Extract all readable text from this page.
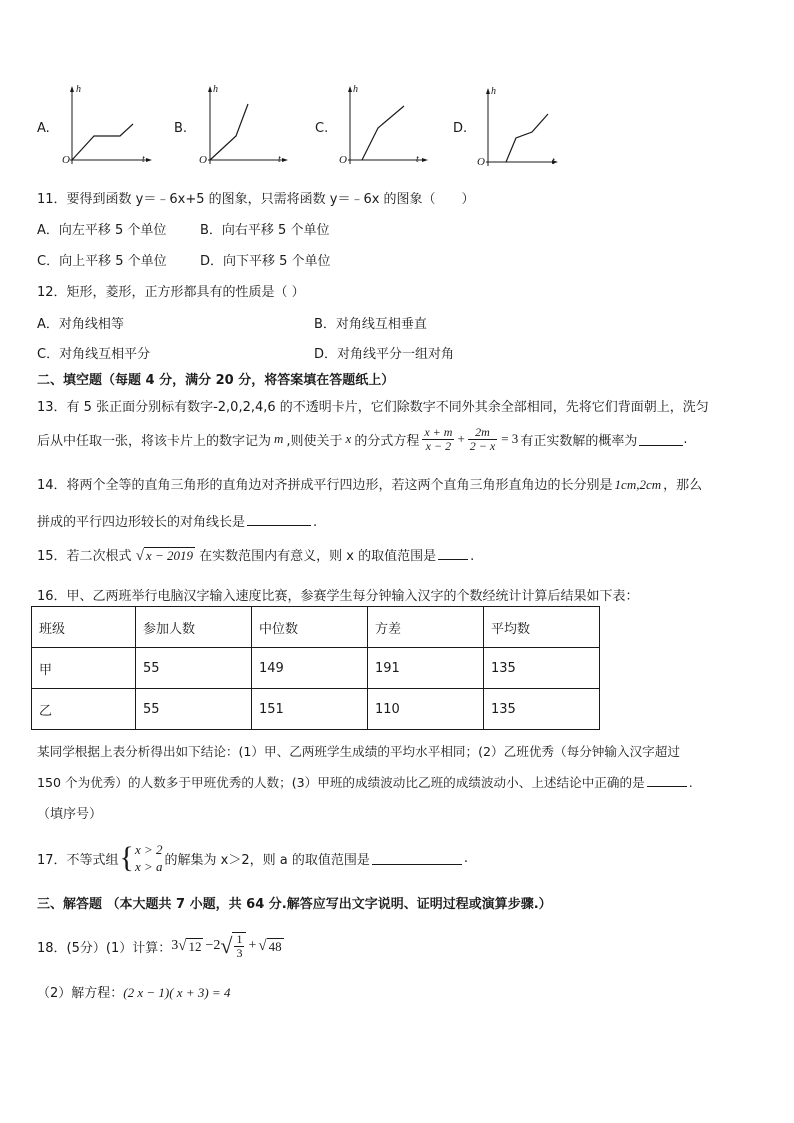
A.
h
O	t
B.
h
O	t
C.
h
O	t
D.
h
O	t
11．要得到函数 y＝﹣6x+5 的图象，只需将函数 y＝﹣6x 的图象（　　）
A．向左平移 5 个单位	B．向右平移 5 个单位
C．向上平移 5 个单位	D．向下平移 5 个单位
12．矩形，菱形，正方形都具有的性质是（ ）
A．对角线相等	B．对角线互相垂直
C．对角线互相平分	D．对角线平分一组对角
二、填空题（每题 4 分，满分 20 分，将答案填在答题纸上）
13．有 5 张正面分别标有数字-2,0,2,4,6 的不透明卡片，它们除数字不同外其余全部相同，先将它们背面朝上，洗匀
后从中任取一张，将该卡片上的数字记为 m ,则使关于 x 的分式方程 $\frac{x + m}{x - 2} + \frac{2m}{2 - x} = 3$ 有正实数解的概率为	.
14．将两个全等的直角三角形的直角边对齐拼成平行四边形，若这两个直角三角形直角边的长分别是 1cm,2cm ，那么
拼成的平行四边形较长的对角线长是	.
15．若二次根式 √ x − 2019 在实数范围内有意义，则 x 的取值范围是	.
16．甲、乙两班举行电脑汉字输入速度比赛，参赛学生每分钟输入汉字的个数经统计计算后结果如下表：
班级	参加人数	中位数	方差	平均数
甲	55	149	191	135
乙	55	151	110	135
某同学根据上表分析得出如下结论：(1）甲、乙两班学生成绩的平均水平相同；(2）乙班优秀（每分钟输入汉字超过
150 个为优秀）的人数多于甲班优秀的人数；(3）甲班的成绩波动比乙班的成绩波动小、上述结论中正确的是	.
（填序号）
17．不等式组 { x > 2
x > a 的解集为 x＞2，则 a 的取值范围是	.
三、解答题 （本大题共 7 小题，共 64 分.解答应写出文字说明、证明过程或演算步骤.）
18．(5分）(1）计算： 3 √ 12 −2 √ $\frac{1}{3}$ + √ 48
（2）解方程：(2 x − 1)( x + 3) = 4
